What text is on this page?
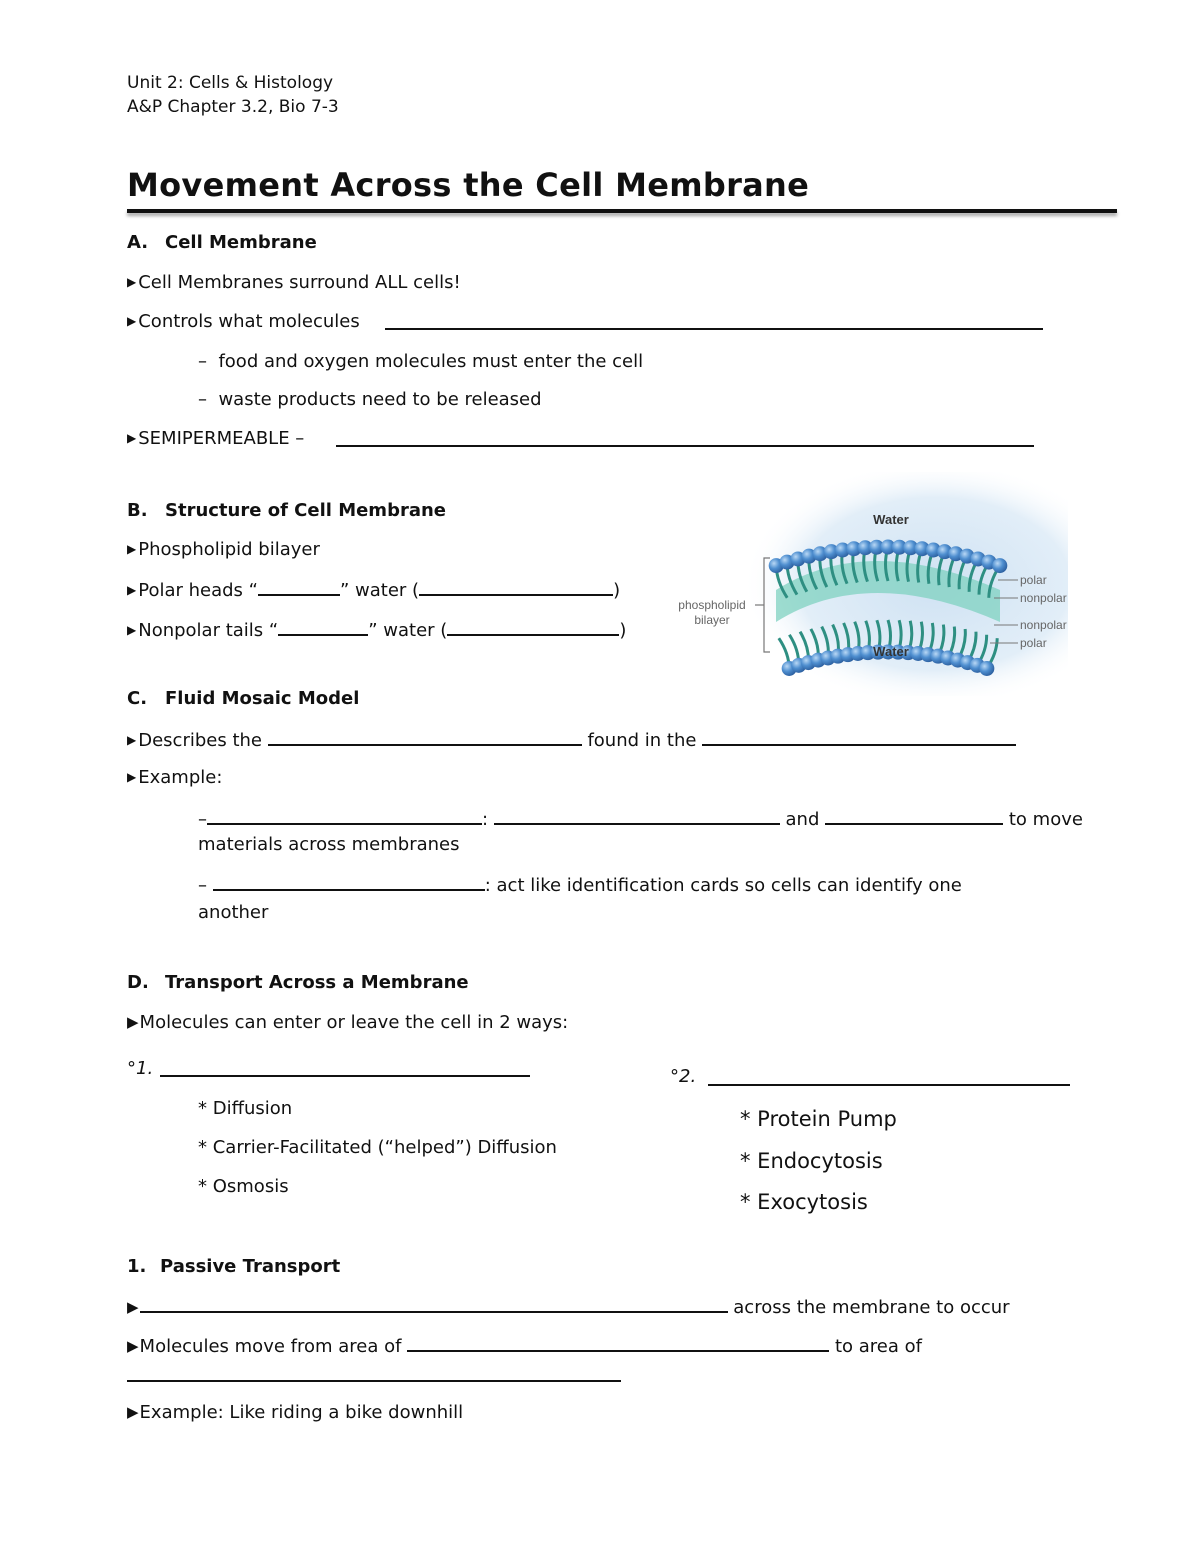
Unit 2: Cells & Histology
A&P Chapter 3.2, Bio 7-3
Movement Across the Cell Membrane
A. Cell Membrane
▶ Cell Membranes surround ALL cells!
▶ Controls what molecules
–  food and oxygen molecules must enter the cell
–  waste products need to be released
▶ SEMIPERMEABLE –
B. Structure of Cell Membrane
▶ Phospholipid bilayer
▶ Polar heads “	” water (	)
▶ Nonpolar tails “	” water (	)
Water
Water
phospholipid
bilayer
polar
nonpolar
nonpolar
polar
C. Fluid Mosaic Model
▶ Describes the	found in the
▶ Example:
–	:	and	to move
materials across membranes
–	: act like identification cards so cells can identify one
another
D. Transport Across a Membrane
▶Molecules can enter or leave the cell in 2 ways:
°1.	°2.
* Diffusion
* Carrier-Facilitated (“helped”) Diffusion
* Osmosis
* Protein Pump
* Endocytosis
* Exocytosis
1. Passive Transport
▶	across the membrane to occur
▶Molecules move from area of	to area of
▶Example: Like riding a bike downhill
